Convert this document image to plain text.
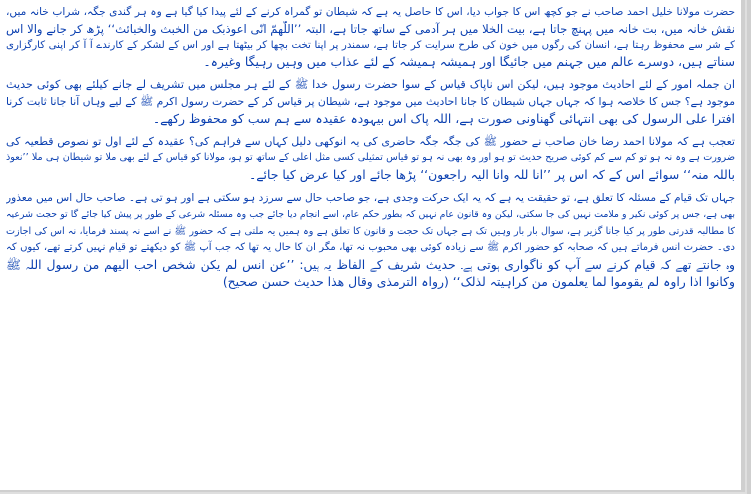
حضرت مولانا خلیل احمد صاحب نے جو کچھ اس کا جواب دیا، اس کا حاصل یہ ہے کہ شیطان تو گمراہ کرنے کے لئے پیدا کیا گیا ہے وہ ہر گندی جگہ، شراب خانہ میں،
نقش خانہ میں، بت خانہ میں پہنچ جاتا ہے، بیت الخلا میں ہر آدمی کے ساتھ جاتا ہے، البتہ ’’اللّٰھمّ انّی اعوذبک من الخبث والخبائث‘‘ پڑھ کر جانے والا اس
کے شر سے محفوظ رہتا ہے، انسان کی رگوں میں خون کی طرح سرایت کر جاتا ہے، سمندر پر اپنا تخت بچھا کر بیٹھتا ہے اور اس کے لشکر کے کارندے آ آ کر اپنی کارگزاری
سناتے ہیں، دوسرے عالم میں جہنم میں جائیگا اور ہمیشہ ہمیشہ کے لئے عذاب میں وہیں رہیگا وغیرہ۔

ان جملہ امور کے لئے احادیث موجود ہیں، لیکن اس ناپاک قیاس کے سوا حضرت رسول خدا ﷺ کے لئے ہر مجلس میں تشریف لے جانے کیلئے بھی کوئی حدیث
موجود ہے؟ جس کا خلاصہ ہوا کہ جہاں جہاں شیطان کا جانا احادیث میں موجود ہے، شیطان پر قیاس کر کے حضرت رسول اکرم ﷺ کے لیے وہاں آنا جانا ثابت کرنا
افترا علی الرسول کی بھی انتہائی گھناونی صورت ہے، اللہ پاک اس بیہودہ عقیدہ سے ہم سب کو محفوظ رکھے۔

تعجب ہے کہ مولانا احمد رضا خان صاحب نے حضور ﷺ کی جگہ جگہ حاضری کی یہ انوکھی دلیل کہاں سے فراہم کی؟ عقیدہ کے لئے اول تو نصوص قطعیہ کی
ضرورت ہے وہ نہ ہو تو کم سے کم کوئی صریح حدیث تو ہو اور وہ بھی نہ ہو تو قیاس تمثیلی کسی مثل اعلی کے ساتھ تو ہو، مولانا کو قیاس کے لئے بھی ملا تو شیطان ہی ملا ’’نعوذ
باللہ منہ‘‘ سوائے اس کے کہ اس پر ’’انا للہ وانا الیہ راجعون‘‘ پڑھا جائے اور کیا عرض کیا جائے۔

جہاں تک قیام کے مسئلہ کا تعلق ہے، تو حقیقت یہ ہے کہ یہ ایک حرکت وجدی ہے، جو صاحب حال سے سرزد ہو سکتی ہے اور ہو تی ہے۔ صاحب حال اس میں معذور
بھی ہے، جس پر کوئی نکیر و ملامت نہیں کی جا سکتی، لیکن وہ قانون عام نہیں کہ بطور حکم عام، اسے انجام دیا جائے جب وہ مسئلہ شرعی کے طور پر پیش کیا جائے گا تو حجت شرعیہ
کا مطالبہ قدرتی طور پر کیا جانا گزیر ہے، سوال بار بار وہیں تک ہے جہاں تک حجت و قانون کا تعلق ہے وہ ہمیں یہ ملتی ہے کہ حضور ﷺ نے اسے نہ پسند فرمایا، نہ اس کی اجازت
دی۔ حضرت انس فرماتے ہیں کہ صحابہ کو حضور اکرم ﷺ سے زیادہ کوئی بھی محبوب نہ تھا، مگر ان کا حال یہ تھا کہ جب آپ ﷺ کو دیکھتے تو قیام نہیں کرتے تھے، کیوں کہ
وہ جانتے تھے کہ قیام کرنے سے آپ کو ناگواری ہوتی ہے۔ حدیث شریف کے الفاظ یہ ہیں: ’’عن انس لم یکن شخص احب الیھم من رسول اللہ ﷺ
وکانوا اذا راوہ لم یقوموا لما یعلمون من کراہیتہ لذلک‘‘ (رواہ الترمذی وقال ھذا حدیث حسن صحیح)
